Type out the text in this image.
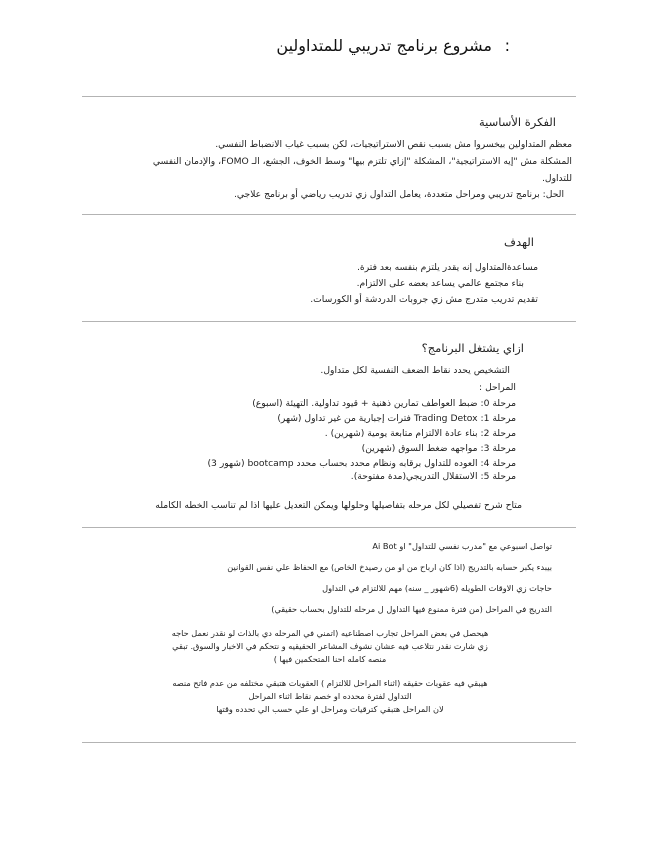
:
مشروع برنامج تدريبي للمتداولين
الفكرة الأساسية
معظم المتداولين بيخسروا مش بسبب نقص الاستراتيجيات، لكن بسبب غياب الانضباط النفسي.
المشكلة مش "إيه الاستراتيجية"، المشكلة "إزاي تلتزم بيها" وسط الخوف، الجشع، الـ FOMO، والإدمان النفسي
للتداول.
الحل: برنامج تدريبي ومراحل متعددة، يعامل التداول زي تدريب رياضي أو برنامج علاجي.
الهدف
مساعدةالمتداول إنه يقدر يلتزم بنفسه بعد فترة.
بناء مجتمع عالمي يساعد بعضه على الالتزام.
تقديم تدريب متدرج مش زي جروبات الدردشة أو الكورسات.
ازاي يشتغل البرنامج؟
التشخيص يحدد نقاط الضعف النفسية لكل متداول.
المراحل :
مرحلة 0: ضبط العواطف تمارين ذهنية + قيود تداولية. التهيئة (اسبوع)
مرحلة 1: Trading Detox فترات إجبارية من غير تداول (شهر)
مرحلة 2: بناء عادة الالتزام متابعة يومية (شهرين) .
مرحلة 3: مواجهه ضغط السوق (شهرين)
مرحلة 4: العوده للتداول برقابه ونظام محدد بحساب محدد bootcamp (شهور 3)
مرحلة 5: الاستقلال التدريجي(مدة مفتوحة).
متاح شرح تفصيلي لكل مرحله بتفاصيلها وحلولها ويمكن التعديل عليها اذا لم تناسب الخطه الكامله
تواصل اسبوعي مع "مدرب نفسي للتداول" او Ai Bot
بيبدء يكبر حسابه بالتدريج (اذا كان ارباح من او من رصيدخ الخاص) مع الحفاظ علي نفس القوانين
حاجات زي الاوقات الطويله (6شهور _ سنه) مهم للالتزام في التداول
التدريج في المراحل (من فترة ممنوع فيها التداول ل مرحله للتداول بحساب حقيقي)
هيحصل في بعض المراحل تجارب اصطناعيه (اتمني في المرحله دي بالذات لو نقدر نعمل حاجه
زي شارت نقدر نتلاعب فيه عشان نشوف المشاعر الحقيقيه و نتحكم في الاخبار والسوق. تبقي
منصه كامله احنا المتحكمين فيها )
هيبقي فيه عقوبات حقيقه (اثناء المراحل للالتزام ) العقوبات هتبقي مختلفه من عدم فاتح منصه
التداول لفترة محدده او خصم نقاط اثناء المراحل
لان المراحل هتبقي كترقيات ومراحل او علي حسب الي تحدده وقتها
